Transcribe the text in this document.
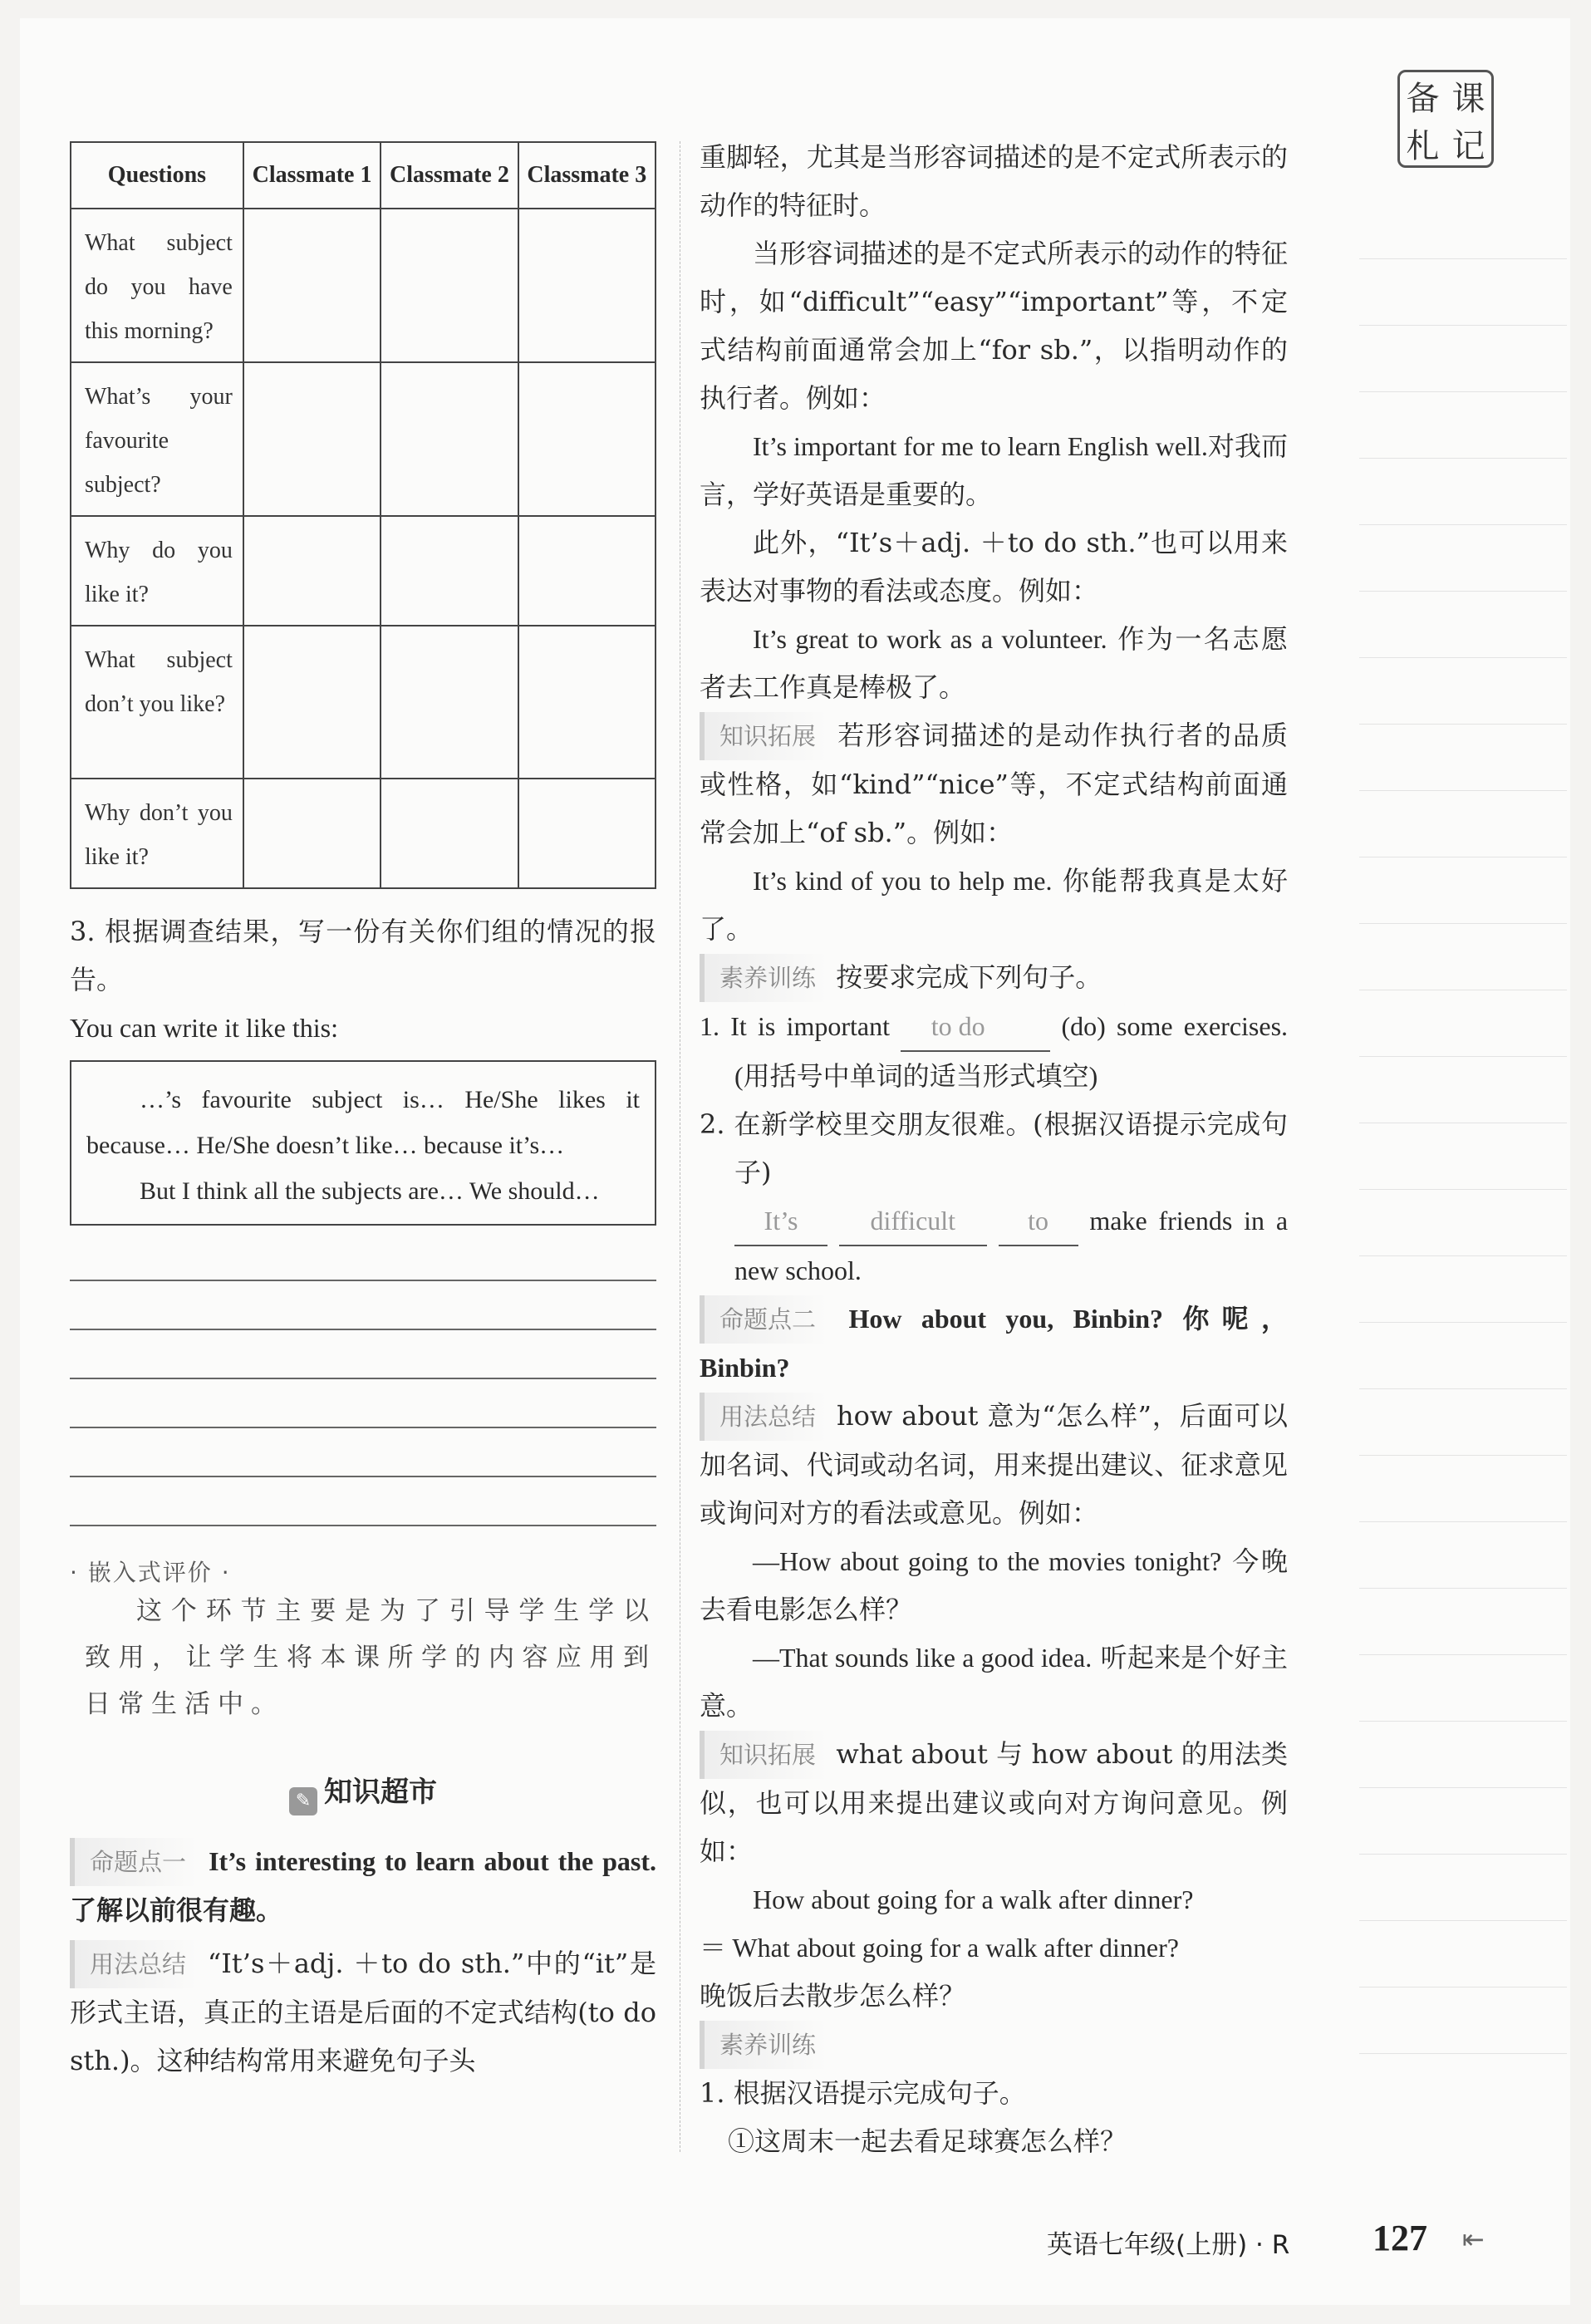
备 课
札 记
Questions	Classmate 1	Classmate 2	Classmate 3
What subject do you have this morning?			
What’s your favourite subject?			
Why do you like it?			
What subject don’t you like?			
Why don’t you like it?			
3. 根据调查结果，写一份有关你们组的情况的报告。
You can write it like this:
…’s favourite subject is… He/She likes it because… He/She doesn’t like… because it’s…
But I think all the subjects are… We should…
· 嵌入式评价 ·
这个环节主要是为了引导学生学以致用，让学生将本课所学的内容应用到日常生活中。
✎ 知识超市
命题点一 It’s interesting to learn about the past. 了解以前很有趣。
用法总结 “It’s＋adj. ＋to do sth.”中的“it”是形式主语，真正的主语是后面的不定式结构(to do sth.)。这种结构常用来避免句子头
重脚轻，尤其是当形容词描述的是不定式所表示的动作的特征时。
当形容词描述的是不定式所表示的动作的特征时，如“difficult”“easy”“important”等，不定式结构前面通常会加上“for sb.”，以指明动作的执行者。例如：
It’s important for me to learn English well.对我而言，学好英语是重要的。
此外，“It’s＋adj. ＋to do sth.”也可以用来表达对事物的看法或态度。例如：
It’s great to work as a volunteer. 作为一名志愿者去工作真是棒极了。
知识拓展 若形容词描述的是动作执行者的品质或性格，如“kind”“nice”等，不定式结构前面通常会加上“of sb.”。例如：
It’s kind of you to help me. 你能帮我真是太好了。
素养训练 按要求完成下列句子。
1. It is important to do	(do) some exercises. (用括号中单词的适当形式填空)
2. 在新学校里交朋友很难。(根据汉语提示完成句子)
It’s	difficult	to make friends in a new school.
命题点二 How about you, Binbin? 你呢，Binbin?
用法总结 how about 意为“怎么样”，后面可以加名词、代词或动名词，用来提出建议、征求意见或询问对方的看法或意见。例如：
—How about going to the movies tonight? 今晚去看电影怎么样？
—That sounds like a good idea. 听起来是个好主意。
知识拓展 what about 与 how about 的用法类似，也可以用来提出建议或向对方询问意见。例如：
How about going for a walk after dinner?
＝ What about going for a walk after dinner?
晚饭后去散步怎么样？
素养训练
1. 根据汉语提示完成句子。
①这周末一起去看足球赛怎么样？
英语七年级(上册) · R 127 ⇤
